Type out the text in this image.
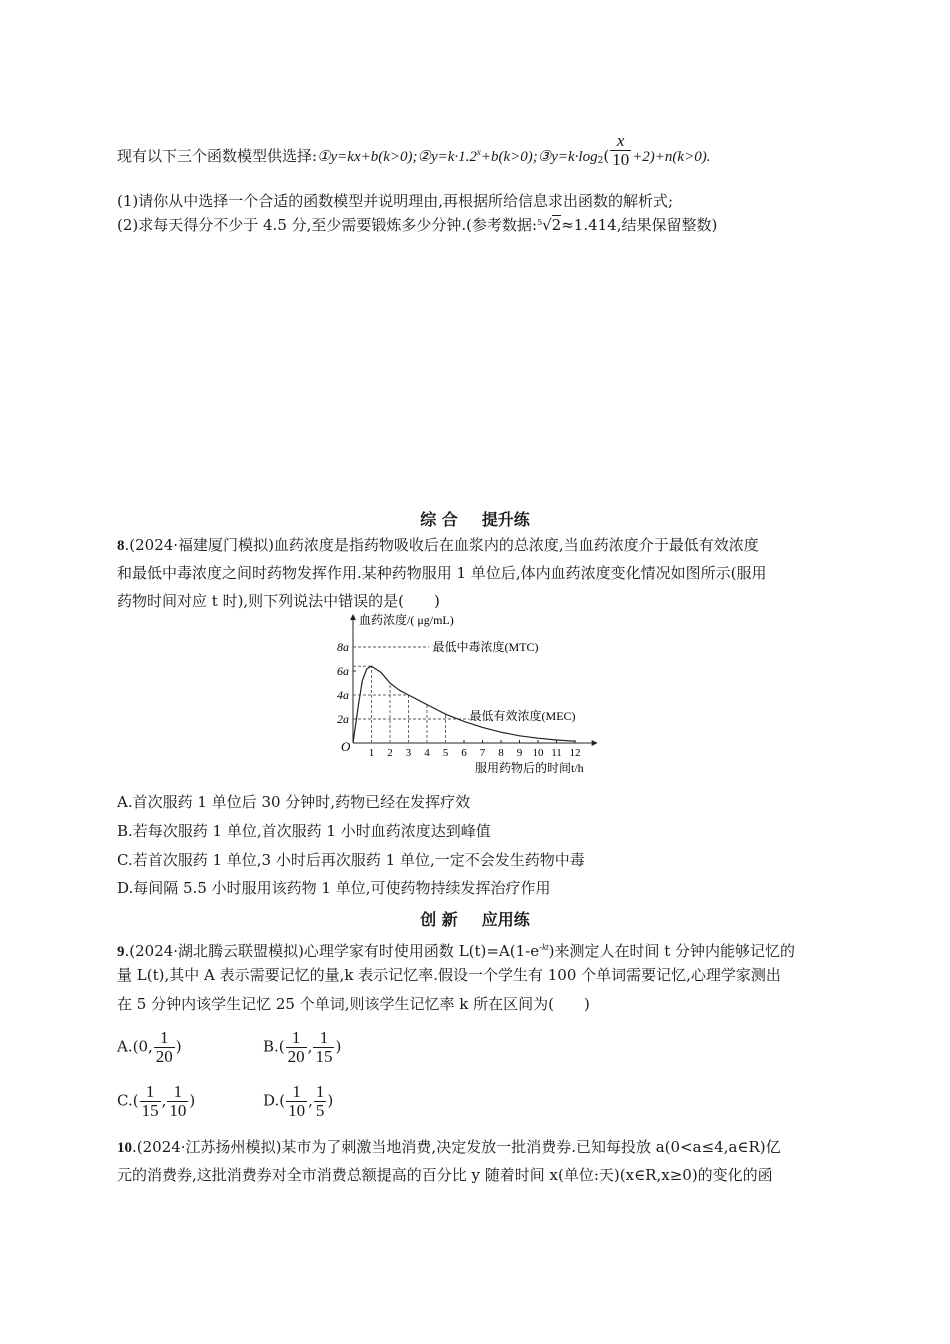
现有以下三个函数模型供选择$:①y=kx+b(k>0);②y=k\cdot 1.2^x+b(k>0);③y=k\cdot\log_2( \frac{x}{10} +2)+n(k>0)$.
(1)请你从中选择一个合适的函数模型并说明理由,再根据所给信息求出函数的解析式;
(2)求每天得分不少于 4.5 分,至少需要锻炼多少分钟.(参考数据: 5 √2≈1.414,结果保留整数)
综 合 提升练
8.(2024·福建厦门模拟)血药浓度是指药物吸收后在血浆内的总浓度,当血药浓度介于最低有效浓度
和最低中毒浓度之间时药物发挥作用.某种药物服用 1 单位后,体内血药浓度变化情况如图所示(服用
药物时间对应 t 时),则下列说法中错误的是(　　)
血药浓度/( μg/mL)
服用药物后的时间t/h
O 1 2 3 4 5 6 7 8 9 10 11 12
2a
4a
6a
8a	最低中毒浓度(MTC)
最低有效浓度(MEC)
A.首次服药 1 单位后 30 分钟时,药物已经在发挥疗效
B.若每次服药 1 单位,首次服药 1 小时血药浓度达到峰值
C.若首次服药 1 单位,3 小时后再次服药 1 单位,一定不会发生药物中毒
D.每间隔 5.5 小时服用该药物 1 单位,可使药物持续发挥治疗作用
创 新 应用练
9.(2024·湖北腾云联盟模拟)心理学家有时使用函数 $L(t)=A(1-e^{-kt})$来测定人在时间 t 分钟内能够记忆的
量 L(t),其中 A 表示需要记忆的量,k 表示记忆率.假设一个学生有 100 个单词需要记忆,心理学家测出
在 5 分钟内该学生记忆 25 个单词,则该学生记忆率 k 所在区间为(　　)
A.(0, $\frac{1}{20}$ )	$B.( \frac{1}{20}$ , $\frac{1}{15}$ )
$C.( \frac{1}{15}$ , $\frac{1}{10}$ )	$D.( \frac{1}{10}$ , $\frac{1}{5}$ )
10.(2024·江苏扬州模拟)某市为了刺激当地消费,决定发放一批消费券.已知每投放 a(0<a≤4,a∈R)亿
元的消费券,这批消费券对全市消费总额提高的百分比 y 随着时间 x(单位:天)(x∈R,x≥0)的变化的函
